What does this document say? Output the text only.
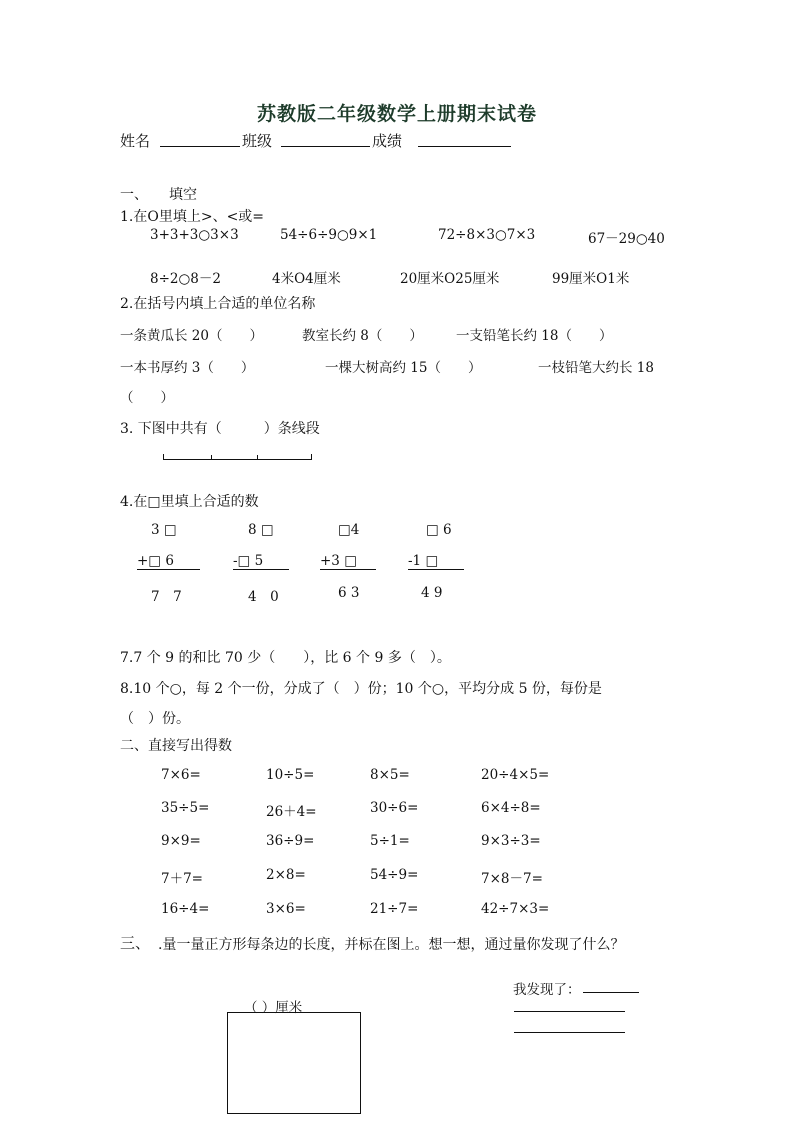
苏教版二年级数学上册期末试卷
姓名	班级	成绩
一、 填空
1.在O里填上>、<或=
3+3+3○3×3	54÷6÷9○9×1	72÷8×3○7×3	67－29○40
8÷2○8－2	4米O4厘米	20厘米O25厘米	99厘米O1米
2.在括号内填上合适的单位名称
一条黄瓜长 20（　　）	教室长约 8（　　） 一支铅笔长约 18（　　）
一本书厚约 3（　　）	一棵大树高约 15（　　）	一枝铅笔大约长 18
（　　）
3. 下图中共有（　　　）条线段
4.在□里填上合适的数
3 □
+□ 6
7　7
8 □
-□ 5
4　0
□4
+3 □
6 3
□ 6
-1 □
4 9
7.7 个 9 的和比 70 少（　　），比 6 个 9 多（　）。
8.10 个○，每 2 个一份，分成了（　）份；10 个○，平均分成 5 份，每份是
（　）份。
二、直接写出得数
7×6=	10÷5=	8×5=	20÷4×5=
35÷5=	26＋4=	30÷6=	6×4÷8=
9×9=	36÷9=	5÷1=	9×3÷3=
7＋7=	2×8=	54÷9=	7×8－7=
16÷4=	3×6=	21÷7=	42÷7×3=
三、 .量一量正方形每条边的长度，并标在图上。想一想，通过量你发现了什么？
我发现了：
（ ）厘米
